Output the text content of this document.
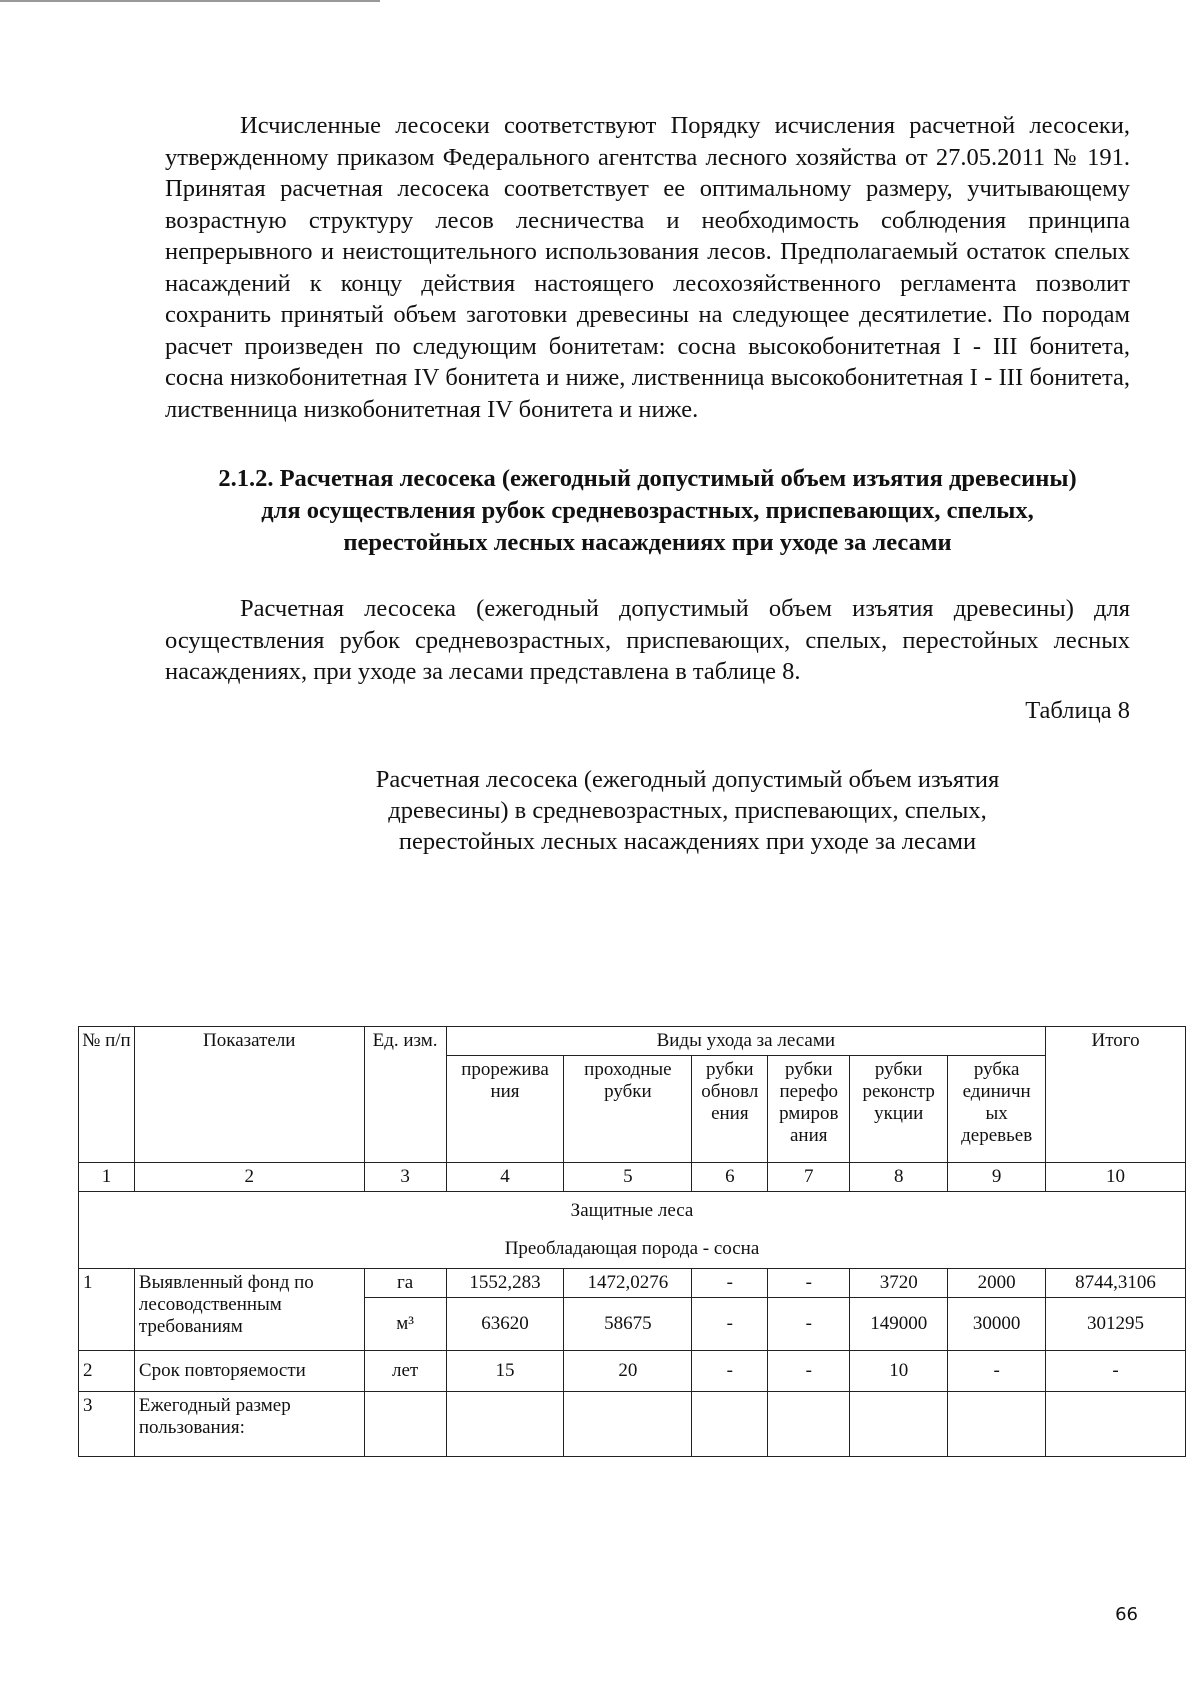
Исчисленные лесосеки соответствуют Порядку исчисления расчетной лесосеки, утвержденному приказом Федерального агентства лесного хозяйства от 27.05.2011 № 191. Принятая расчетная лесосека соответствует ее оптимальному размеру, учитывающему возрастную структуру лесов лесничества и необходимость соблюдения принципа непрерывного и неистощительного использования лесов. Предполагаемый остаток спелых насаждений к концу действия настоящего лесохозяйственного регламента позволит сохранить принятый объем заготовки древесины на следующее десятилетие. По породам расчет произведен по следующим бонитетам: сосна высокобонитетная I - III бонитета, сосна низкобонитетная IV бонитета и ниже, лиственница высокобонитетная I - III бонитета, лиственница низкобонитетная IV бонитета и ниже.

2.1.2. Расчетная лесосека (ежегодный допустимый объем изъятия древесины) для осуществления рубок средневозрастных, приспевающих, спелых, перестойных лесных насаждениях при уходе за лесами

Расчетная лесосека (ежегодный допустимый объем изъятия древесины) для осуществления рубок средневозрастных, приспевающих, спелых, перестойных лесных насаждениях, при уходе за лесами представлена в таблице 8.

Таблица 8
Расчетная лесосека (ежегодный допустимый объем изъятия древесины) в средневозрастных, приспевающих, спелых, перестойных лесных насаждениях при уходе за лесами
№ п/п	Показатели	Ед. изм.	Виды ухода за лесами						Итого
			прорежива ния	проходные рубки	рубки обновл ения	рубки перефо рмиров ания	рубки реконстр укции	рубка единичн ых деревьев	
1	2	3	4	5	6	7	8	9	10
Защитные леса									
Преобладающая порода - сосна									
1	Выявленный фонд по лесоводственным требованиям	га	1552,283	1472,0276	-	-	3720	2000	8744,3106
		м³	63620	58675	-	-	149000	30000	301295
2	Срок повторяемости	лет	15	20	-	-	10	-	-
3	Ежегодный размер пользования:								
66
